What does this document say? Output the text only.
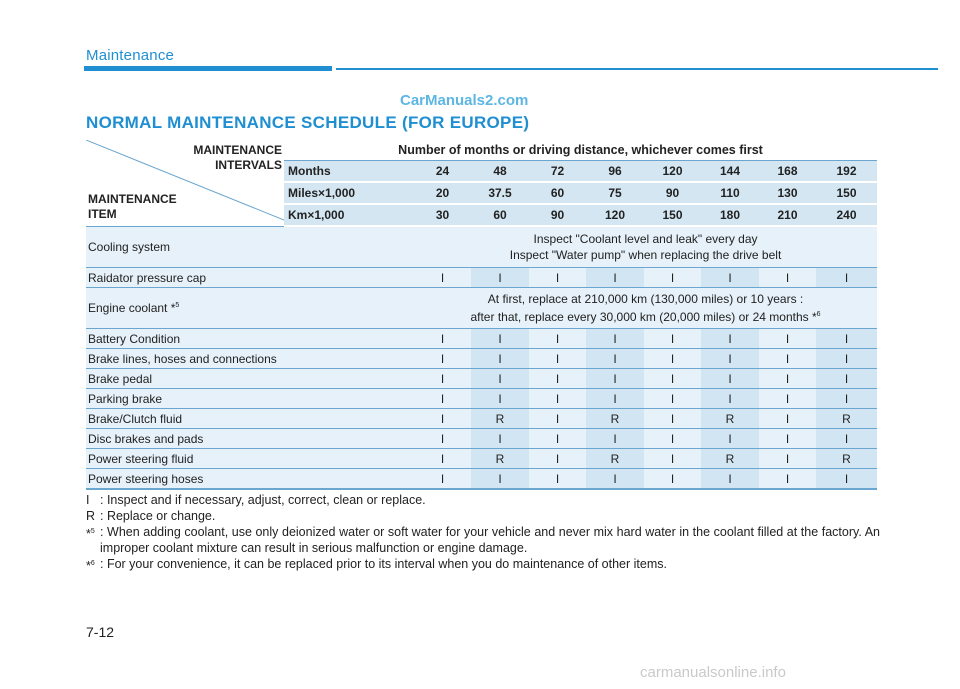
Maintenance
CarManuals2.com
NORMAL MAINTENANCE SCHEDULE (FOR EUROPE)
MAINTENANCE
INTERVALS
MAINTENANCE
ITEM	Number of months or driving distance, whichever comes first								
	Months	24	48	72	96	120	144	168	192
	Miles×1,000	20	37.5	60	75	90	110	130	150
	Km×1,000	30	60	90	120	150	180	210	240
Cooling system		Inspect "Coolant level and leak" every day
Inspect "Water pump" when replacing the drive belt							

Raidator pressure cap		I	I	I	I	I	I	I	I
Engine coolant *$^5$		At first, replace at 210,000 km (130,000 miles) or 10 years :
after that, replace every 30,000 km (20,000 miles) or 24 months *$^6$

Battery Condition		I	I	I	I	I	I	I	I
Brake lines, hoses and connections		I	I	I	I	I	I	I	I
Brake pedal		I	I	I	I	I	I	I	I
Parking brake		I	I	I	I	I	I	I	I
Brake/Clutch fluid		I	R	I	R	I	R	I	R
Disc brakes and pads		I	I	I	I	I	I	I	I
Power steering fluid		I	R	I	R	I	R	I	R
Power steering hoses		I	I	I	I	I	I	I	I
I : Inspect and if necessary, adjust, correct, clean or replace.
R : Replace or change.
*$^5$ : When adding coolant, use only deionized water or soft water for your vehicle and never mix hard water in the coolant filled at the factory. An improper coolant mixture can result in serious malfunction or engine damage.
*$^6$ : For your convenience, it can be replaced prior to its interval when you do maintenance of other items.
7-12
carmanualsonline.info
